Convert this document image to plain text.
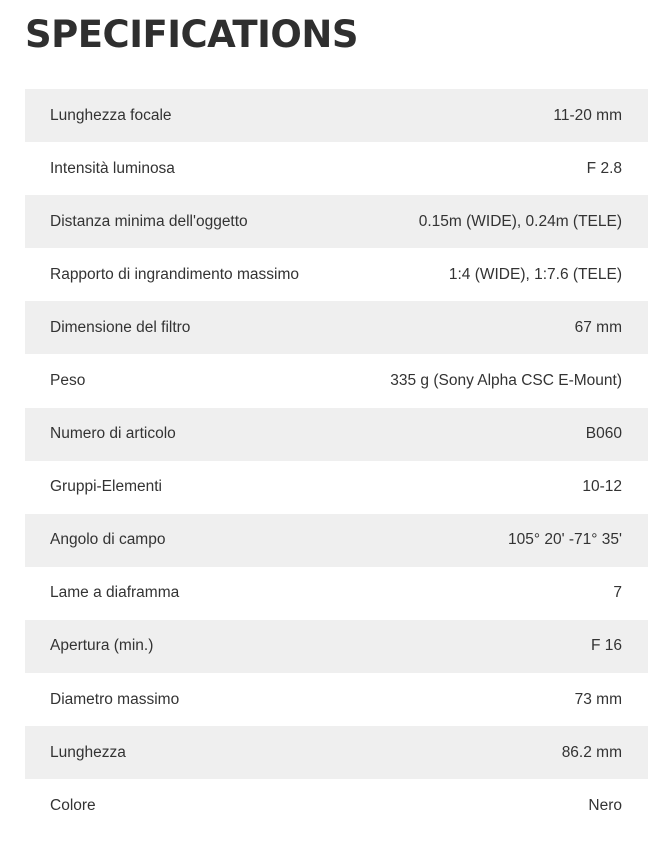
SPECIFICATIONS
Lunghezza focale	11-20 mm
Intensità luminosa	F 2.8
Distanza minima dell'oggetto	0.15m (WIDE), 0.24m (TELE)
Rapporto di ingrandimento massimo	1:4 (WIDE), 1:7.6 (TELE)
Dimensione del filtro	67 mm
Peso	335 g (Sony Alpha CSC E-Mount)
Numero di articolo	B060
Gruppi-Elementi	10-12
Angolo di campo	105° 20' -71° 35'
Lame a diaframma	7
Apertura (min.)	F 16
Diametro massimo	73 mm
Lunghezza	86.2 mm
Colore	Nero
